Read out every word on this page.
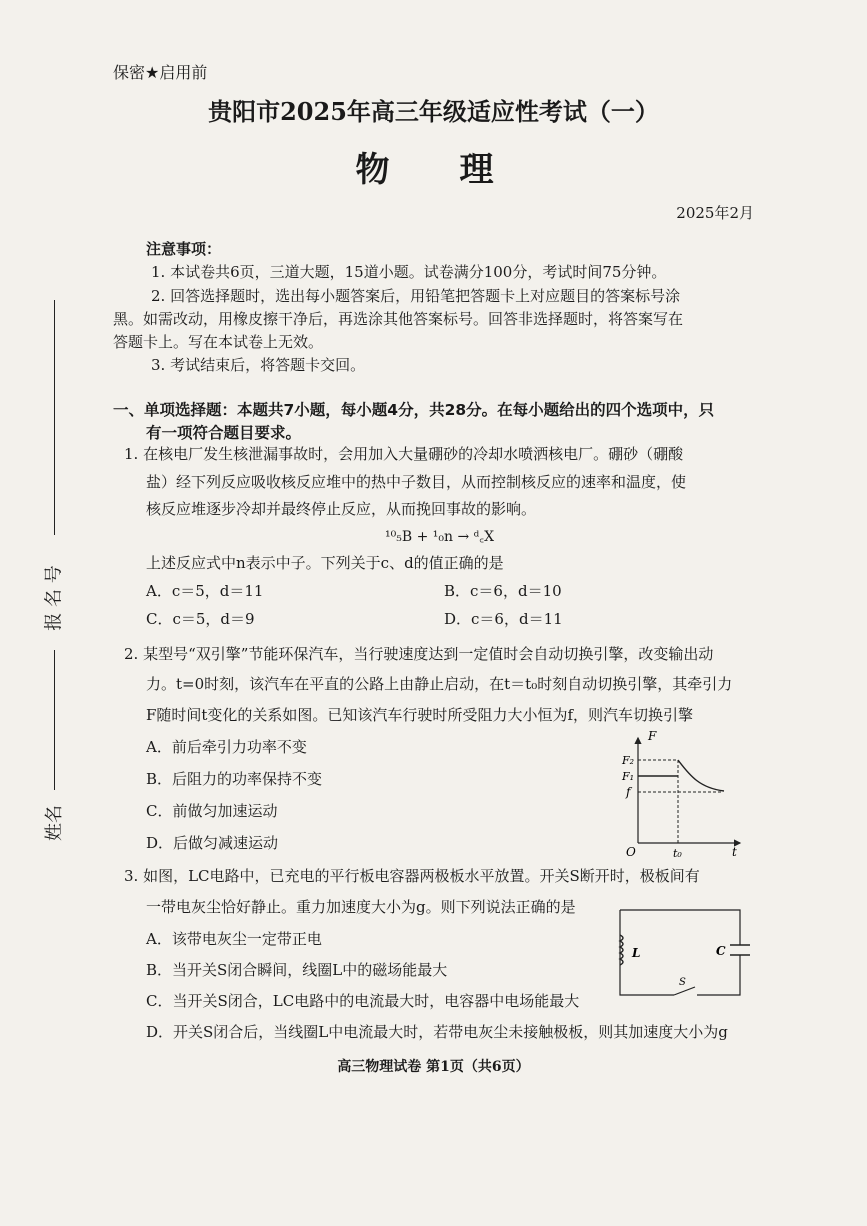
保密★启用前
贵阳市2025年高三年级适应性考试（一）
物　理
2025年2月
报 名 号
姓名
注意事项：
1. 本试卷共6页，三道大题，15道小题。试卷满分100分，考试时间75分钟。
2. 回答选择题时，选出每小题答案后，用铅笔把答题卡上对应题目的答案标号涂
黑。如需改动，用橡皮擦干净后，再选涂其他答案标号。回答非选择题时，将答案写在
答题卡上。写在本试卷上无效。
3. 考试结束后，将答题卡交回。
一、单项选择题：本题共7小题，每小题4分，共28分。在每小题给出的四个选项中，只
有一项符合题目要求。
1. 在核电厂发生核泄漏事故时，会用加入大量硼砂的冷却水喷洒核电厂。硼砂（硼酸
盐）经下列反应吸收核反应堆中的热中子数目，从而控制核反应的速率和温度，使
核反应堆逐步冷却并最终停止反应，从而挽回事故的影响。
¹⁰₅B + ¹₀n → ᵈ꜀X
上述反应式中n表示中子。下列关于c、d的值正确的是
A．c＝5，d＝11	B．c＝6，d＝10
C．c＝5，d＝9	D．c＝6，d＝11
2. 某型号“双引擎”节能环保汽车，当行驶速度达到一定值时会自动切换引擎，改变输出动
力。t=0时刻，该汽车在平直的公路上由静止启动，在t＝t₀时刻自动切换引擎，其牵引力
F随时间t变化的关系如图。已知该汽车行驶时所受阻力大小恒为f，则汽车切换引擎
A．前后牵引力功率不变
B．后阻力的功率保持不变
C．前做匀加速运动
D．后做匀减速运动
F
F₂
F₁
f
O	t₀	t
3. 如图，LC电路中，已充电的平行板电容器两极板水平放置。开关S断开时，极板间有
一带电灰尘恰好静止。重力加速度大小为g。则下列说法正确的是
A．该带电灰尘一定带正电
B．当开关S闭合瞬间，线圈L中的磁场能最大
C．当开关S闭合，LC电路中的电流最大时，电容器中电场能最大
D．开关S闭合后，当线圈L中电流最大时，若带电灰尘未接触极板，则其加速度大小为g
L	C
S
高三物理试卷 第1页（共6页）
